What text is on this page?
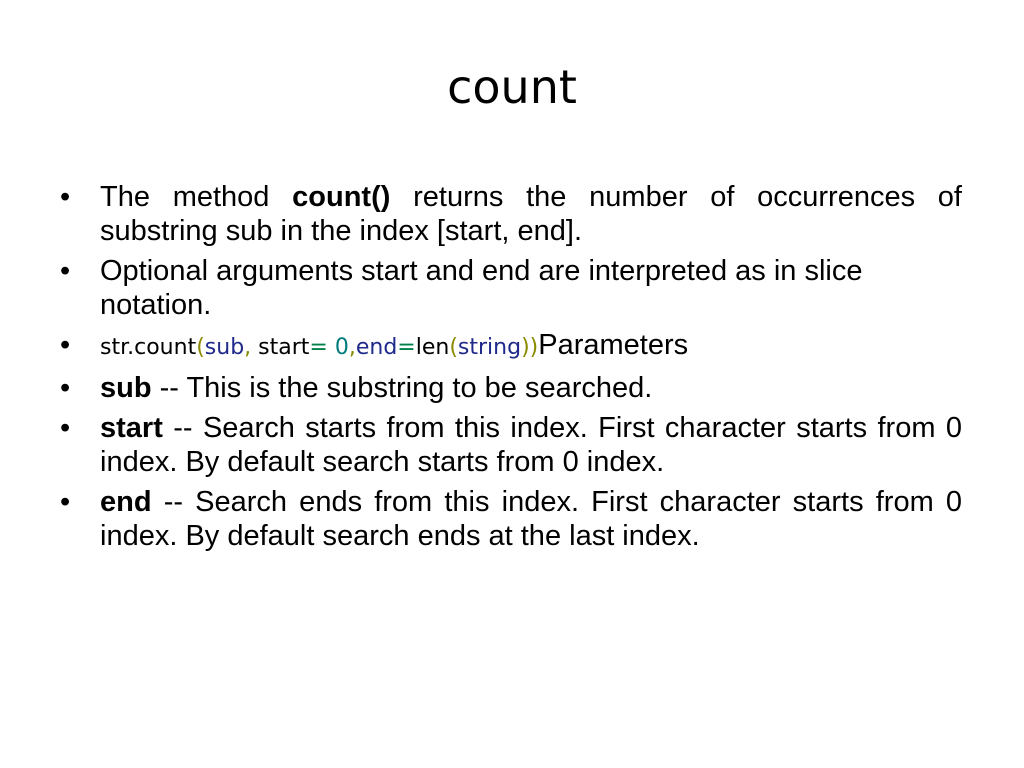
count
• The method count() returns the number of occurrences of substring sub in the index [start, end].
• Optional arguments start and end are interpreted as in slice notation.
• str.count(sub, start= 0,end=len(string))Parameters
• sub -- This is the substring to be searched.
• start -- Search starts from this index. First character starts from 0 index. By default search starts from 0 index.
• end -- Search ends from this index. First character starts from 0 index. By default search ends at the last index.
